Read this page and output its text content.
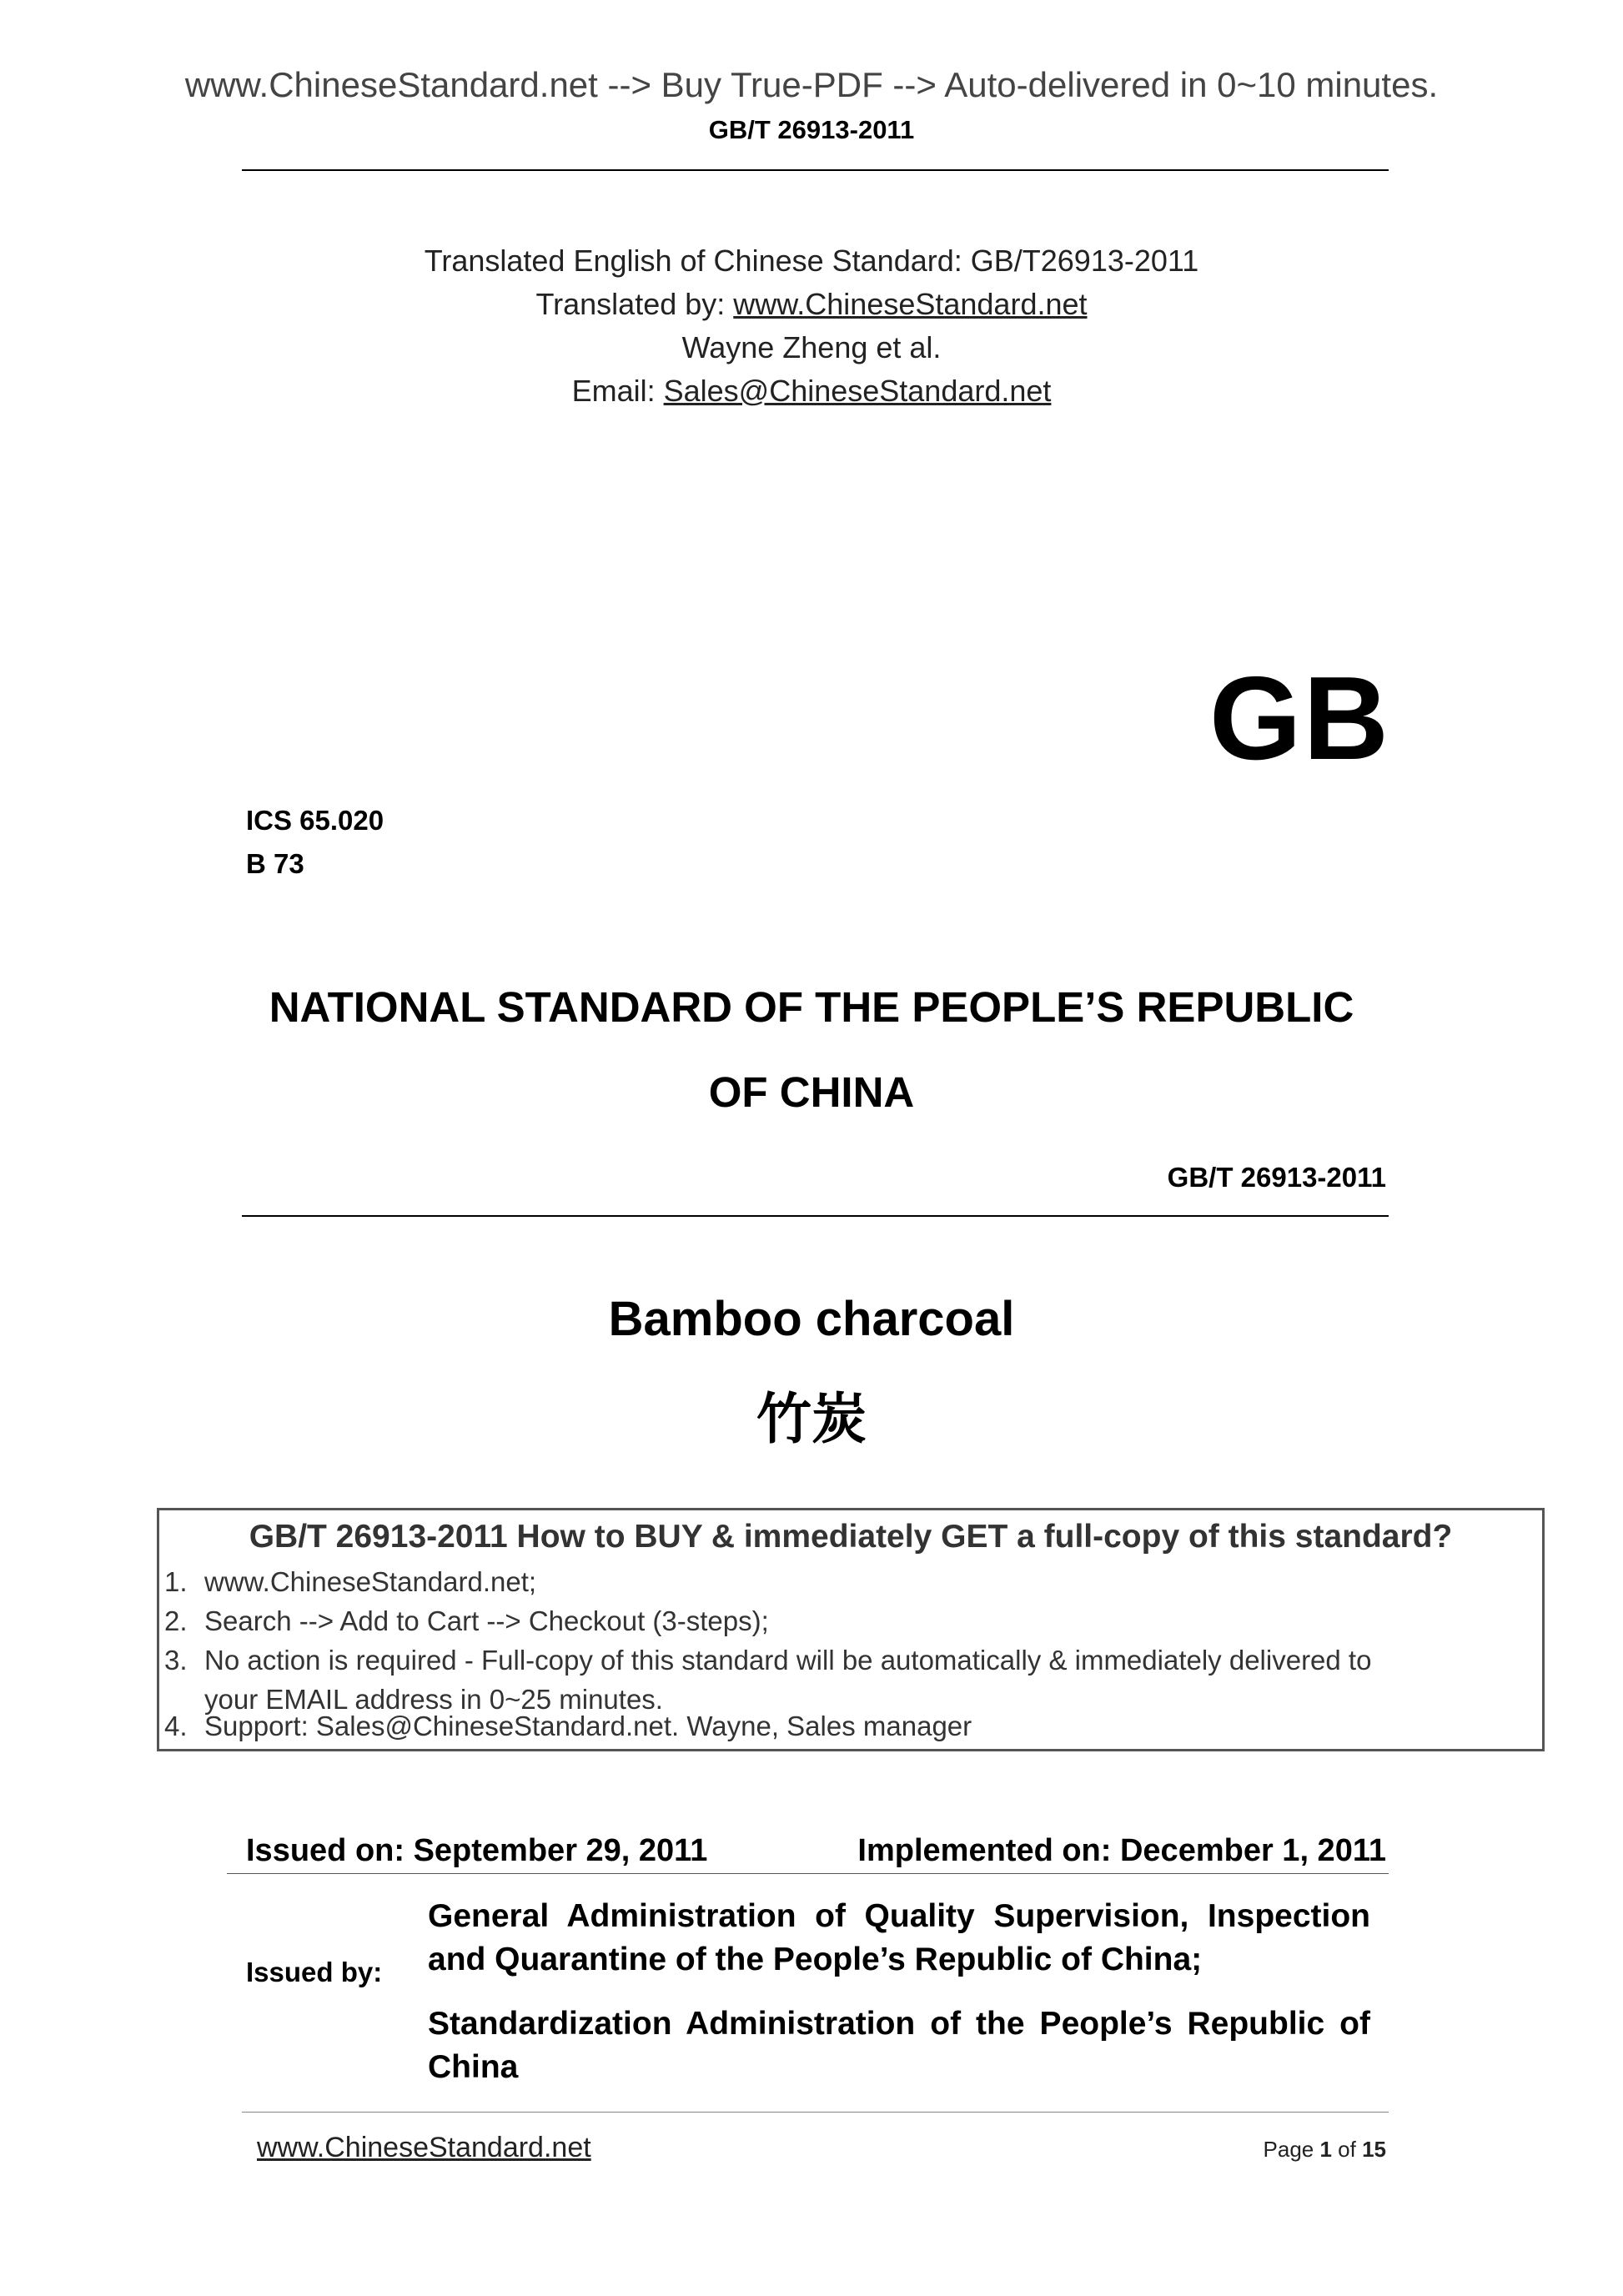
www.ChineseStandard.net --> Buy True-PDF --> Auto-delivered in 0~10 minutes.
GB/T 26913-2011
Translated English of Chinese Standard: GB/T26913-2011
Translated by: www.ChineseStandard.net
Wayne Zheng et al.
Email: Sales@ChineseStandard.net
GB
ICS 65.020
B 73
NATIONAL STANDARD OF THE PEOPLE’S REPUBLIC
OF CHINA
GB/T 26913-2011
Bamboo charcoal
竹炭
GB/T 26913-2011 How to BUY & immediately GET a full-copy of this standard?
1. www.ChineseStandard.net;
2. Search --> Add to Cart --> Checkout (3-steps);
3. No action is required - Full-copy of this standard will be automatically & immediately delivered to
your EMAIL address in 0~25 minutes.
4. Support: Sales@ChineseStandard.net. Wayne, Sales manager
Issued on: September 29, 2011	Implemented on: December 1, 2011
Issued by:
General Administration of Quality Supervision, Inspection and Quarantine of the People’s Republic of China;
Standardization Administration of the People’s Republic of China
www.ChineseStandard.net	Page 1 of 15
